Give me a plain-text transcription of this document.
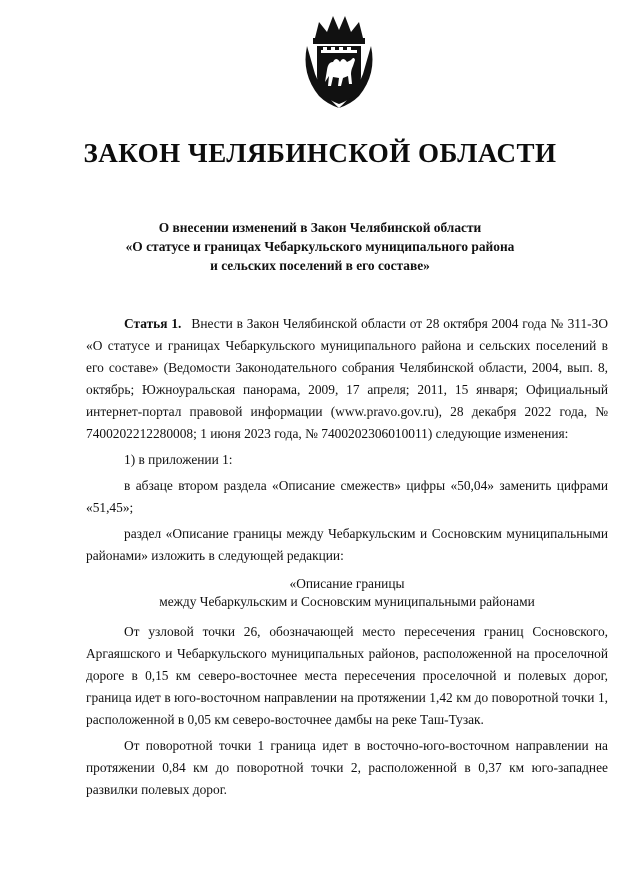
ЗАКОН ЧЕЛЯБИНСКОЙ ОБЛАСТИ
О внесении изменений в Закон Челябинской области
«О статусе и границах Чебаркульского муниципального района
и сельских поселений в его составе»

Статья 1. Внести в Закон Челябинской области от 28 октября 2004 года № 311-ЗО «О статусе и границах Чебаркульского муниципального района и сельских поселений в его составе» (Ведомости Законодательного собрания Челябинской области, 2004, вып. 8, октябрь; Южноуральская панорама, 2009, 17 апреля; 2011, 15 января; Официальный интернет-портал правовой информации (www.pravo.gov.ru), 28 декабря 2022 года, № 7400202212280008; 1 июня 2023 года, № 7400202306010011) следующие изменения:

1) в приложении 1:

в абзаце втором раздела «Описание смежеств» цифры «50,04» заменить цифрами «51,45»;

раздел «Описание границы между Чебаркульским и Сосновским муниципальными районами» изложить в следующей редакции:

«Описание границы
между Чебаркульским и Сосновским муниципальными районами

От узловой точки 26, обозначающей место пересечения границ Сосновского, Аргаяшского и Чебаркульского муниципальных районов, расположенной на проселочной дороге в 0,15 км северо-восточнее места пересечения проселочной и полевых дорог, граница идет в юго-восточном направлении на протяжении 1,42 км до поворотной точки 1, расположенной в 0,05 км северо-восточнее дамбы на реке Таш-Тузак.

От поворотной точки 1 граница идет в восточно-юго-восточном направлении на протяжении 0,84 км до поворотной точки 2, расположенной в 0,37 км юго-западнее развилки полевых дорог.
